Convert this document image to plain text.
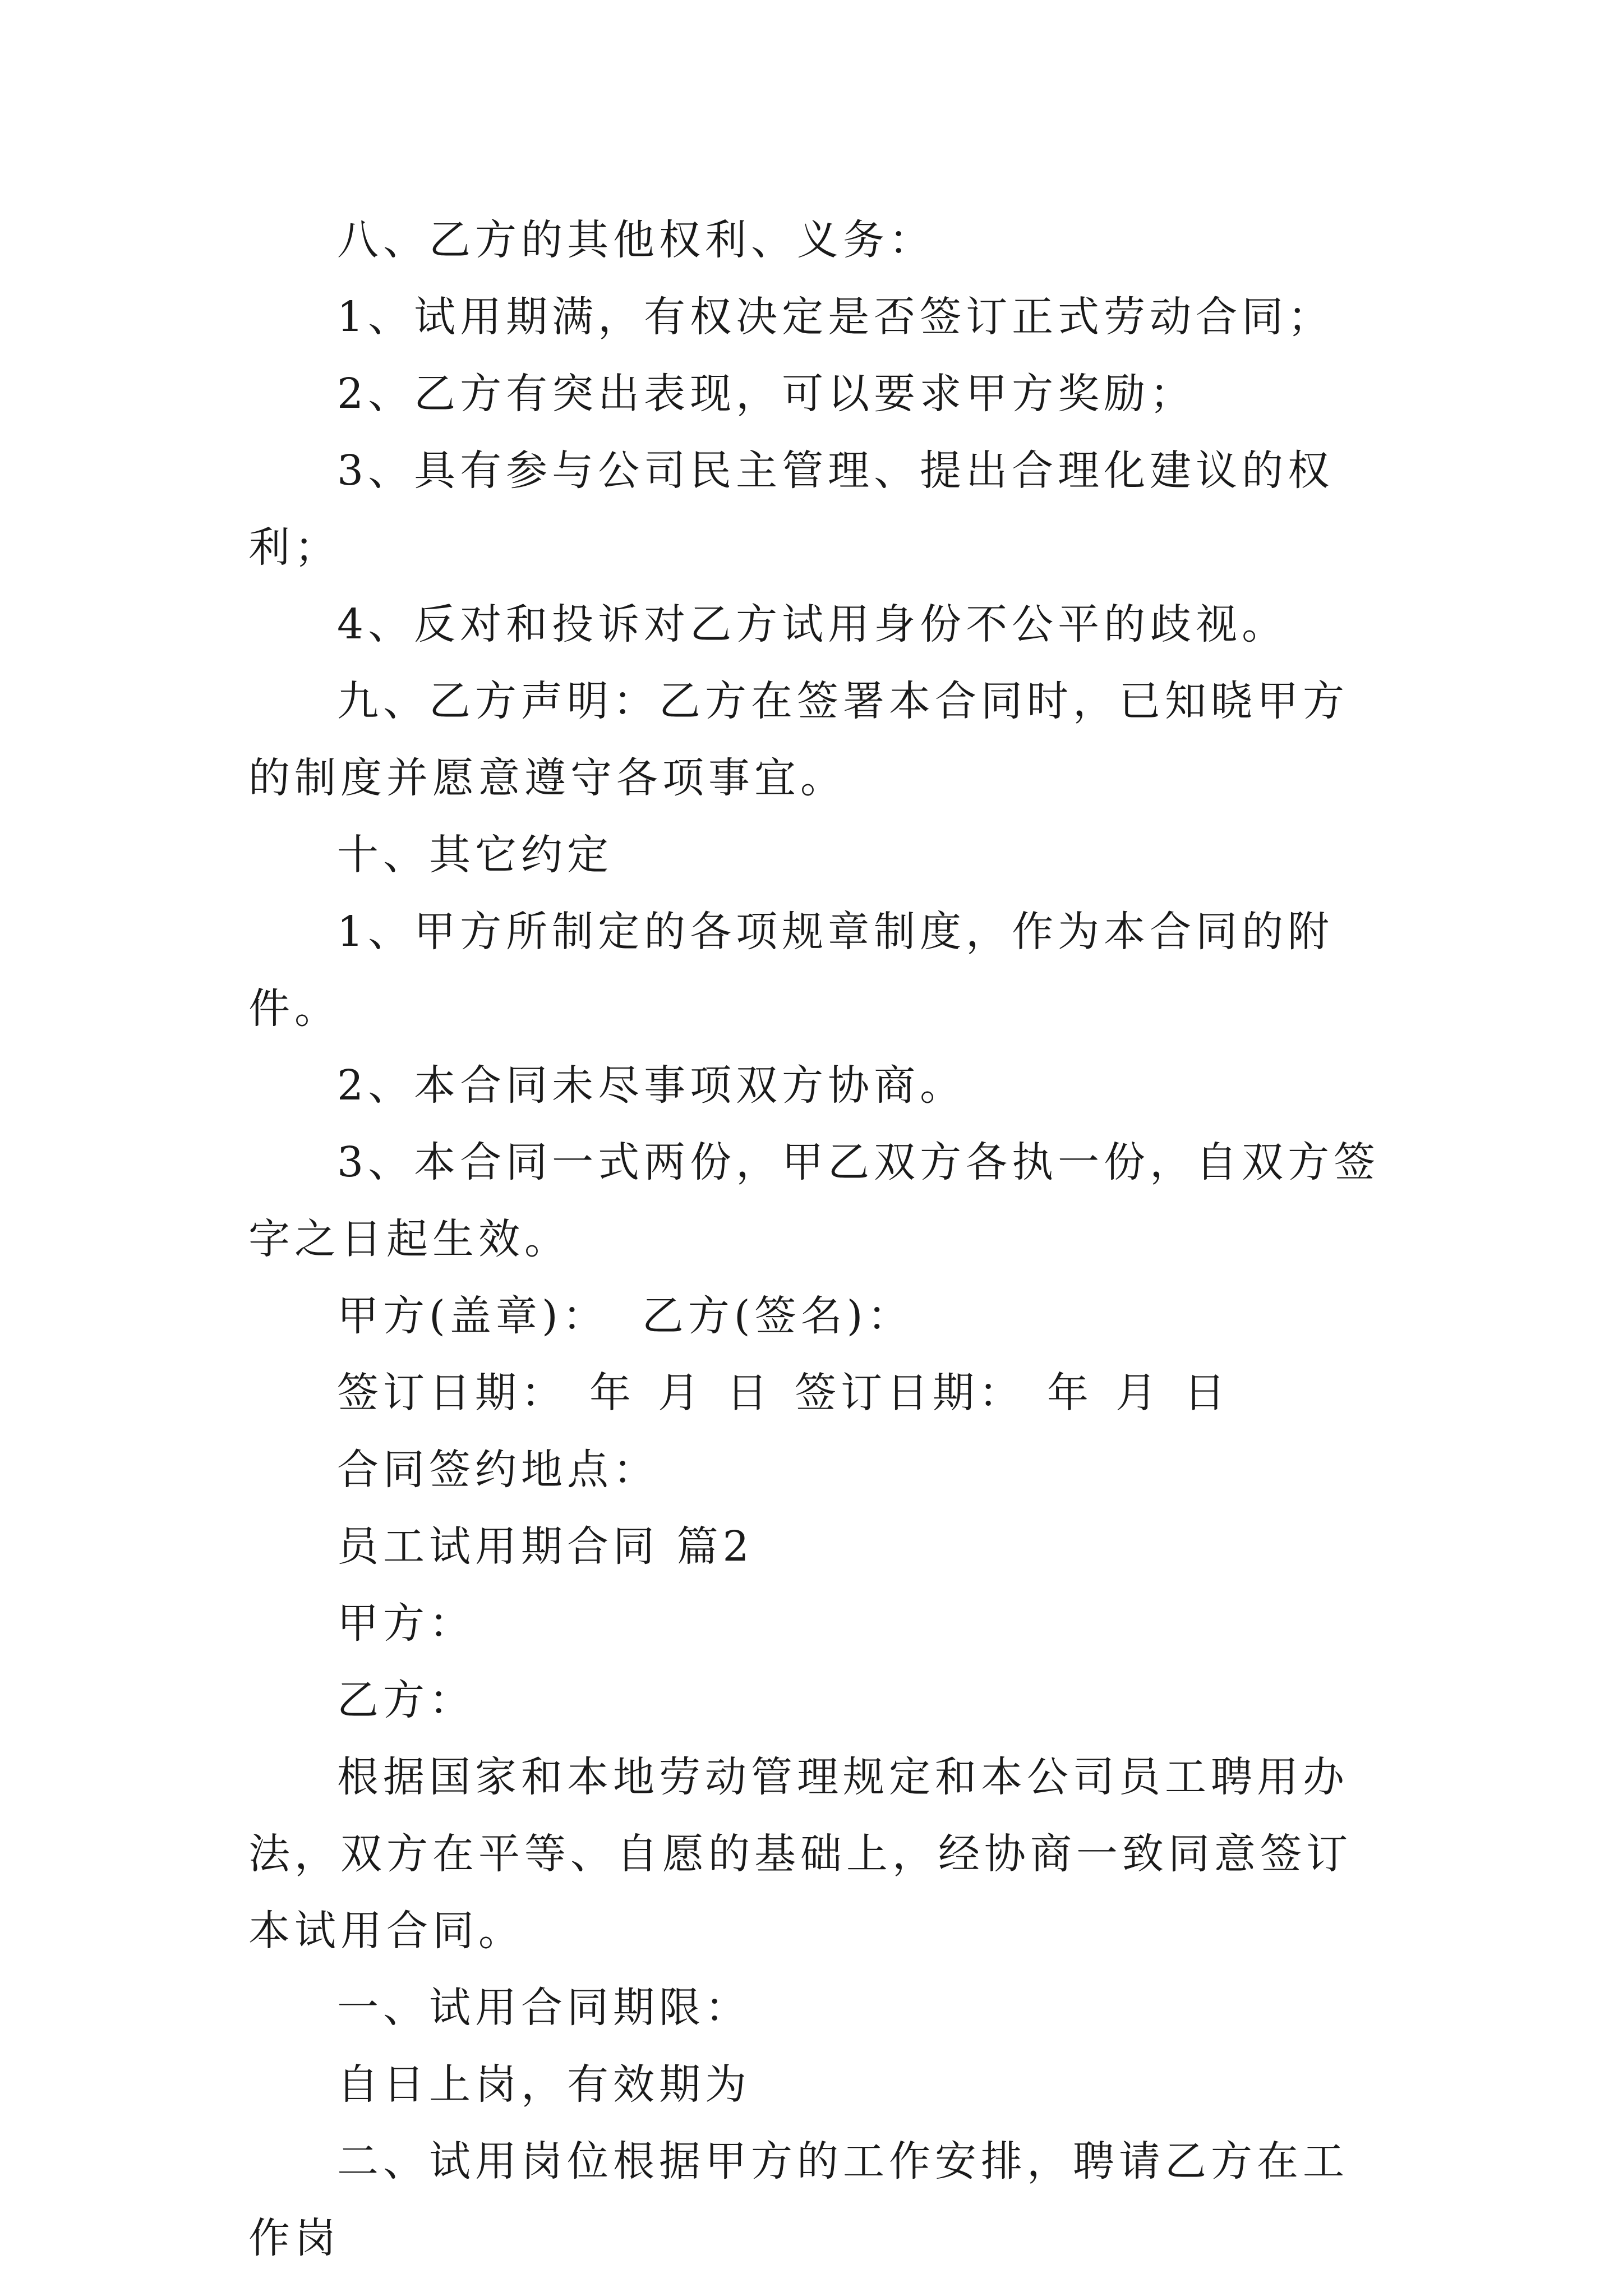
八、乙方的其他权利、义务：

1、试用期满，有权决定是否签订正式劳动合同；

2、乙方有突出表现，可以要求甲方奖励；

3、具有参与公司民主管理、提出合理化建议的权利；

4、反对和投诉对乙方试用身份不公平的歧视。

九、乙方声明：乙方在签署本合同时，已知晓甲方的制度并愿意遵守各项事宜。

十、其它约定

1、甲方所制定的各项规章制度，作为本合同的附件。

2、本合同未尽事项双方协商。

3、本合同一式两份，甲乙双方各执一份，自双方签字之日起生效。

甲方(盖章)： 乙方(签名)：

签订日期： 年 月 日 签订日期： 年 月 日

合同签约地点：

员工试用期合同 篇2

甲方：

乙方：

根据国家和本地劳动管理规定和本公司员工聘用办法，双方在平等、自愿的基础上，经协商一致同意签订本试用合同。

一、试用合同期限：

自日上岗，有效期为

二、试用岗位根据甲方的工作安排，聘请乙方在工作岗
